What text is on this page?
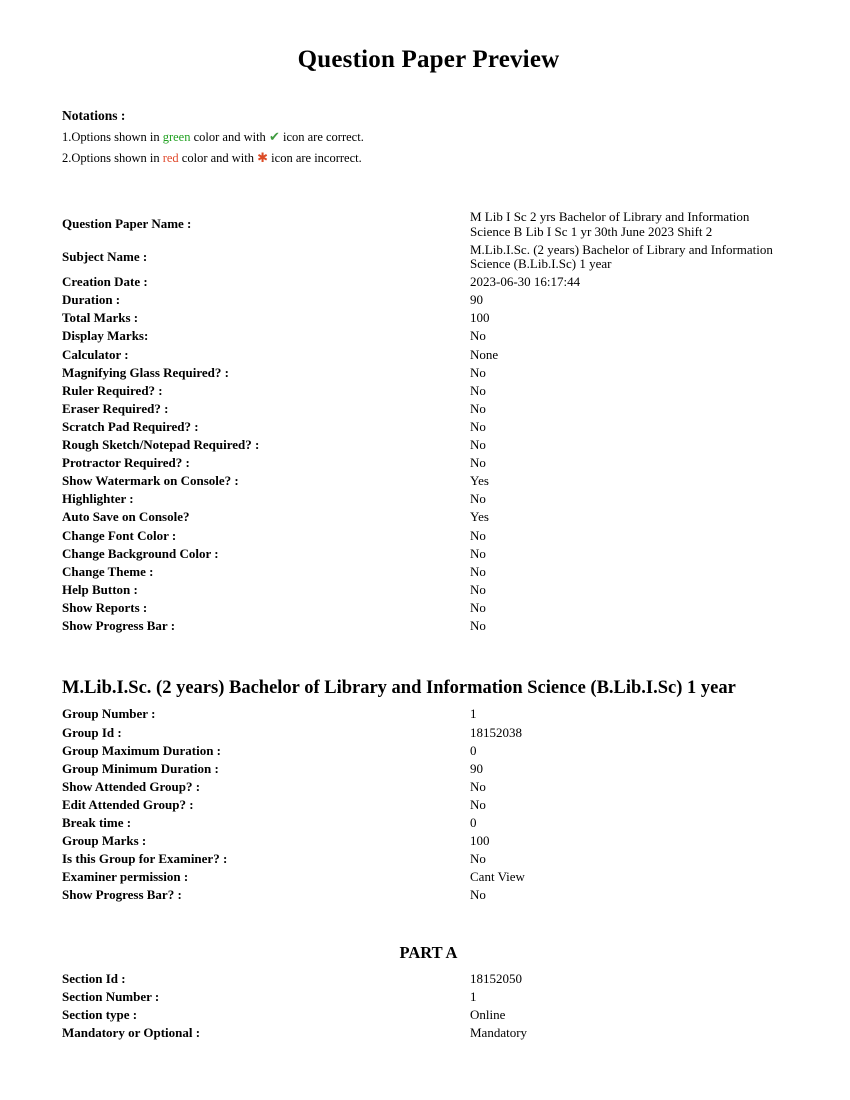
Question Paper Preview
Notations :

1.Options shown in green color and with ✔ icon are correct.

2.Options shown in red color and with ✱ icon are incorrect.

Question Paper Name :	M Lib I Sc 2 yrs Bachelor of Library and Information Science B Lib I Sc 1 yr 30th June 2023 Shift 2
Subject Name :	M.Lib.I.Sc. (2 years) Bachelor of Library and Information Science (B.Lib.I.Sc) 1 year
Creation Date :	2023-06-30 16:17:44
Duration :	90
Total Marks :	100
Display Marks:	No
Calculator :	None
Magnifying Glass Required? :	No
Ruler Required? :	No
Eraser Required? :	No
Scratch Pad Required? :	No
Rough Sketch/Notepad Required? :	No
Protractor Required? :	No
Show Watermark on Console? :	Yes
Highlighter :	No
Auto Save on Console?	Yes
Change Font Color :	No
Change Background Color :	No
Change Theme :	No
Help Button :	No
Show Reports :	No
Show Progress Bar :	No
M.Lib.I.Sc. (2 years) Bachelor of Library and Information Science (B.Lib.I.Sc) 1 year
Group Number :	1
Group Id :	18152038
Group Maximum Duration :	0
Group Minimum Duration :	90
Show Attended Group? :	No
Edit Attended Group? :	No
Break time :	0
Group Marks :	100
Is this Group for Examiner? :	No
Examiner permission :	Cant View
Show Progress Bar? :	No
PART A
Section Id :	18152050
Section Number :	1
Section type :	Online
Mandatory or Optional :	Mandatory
